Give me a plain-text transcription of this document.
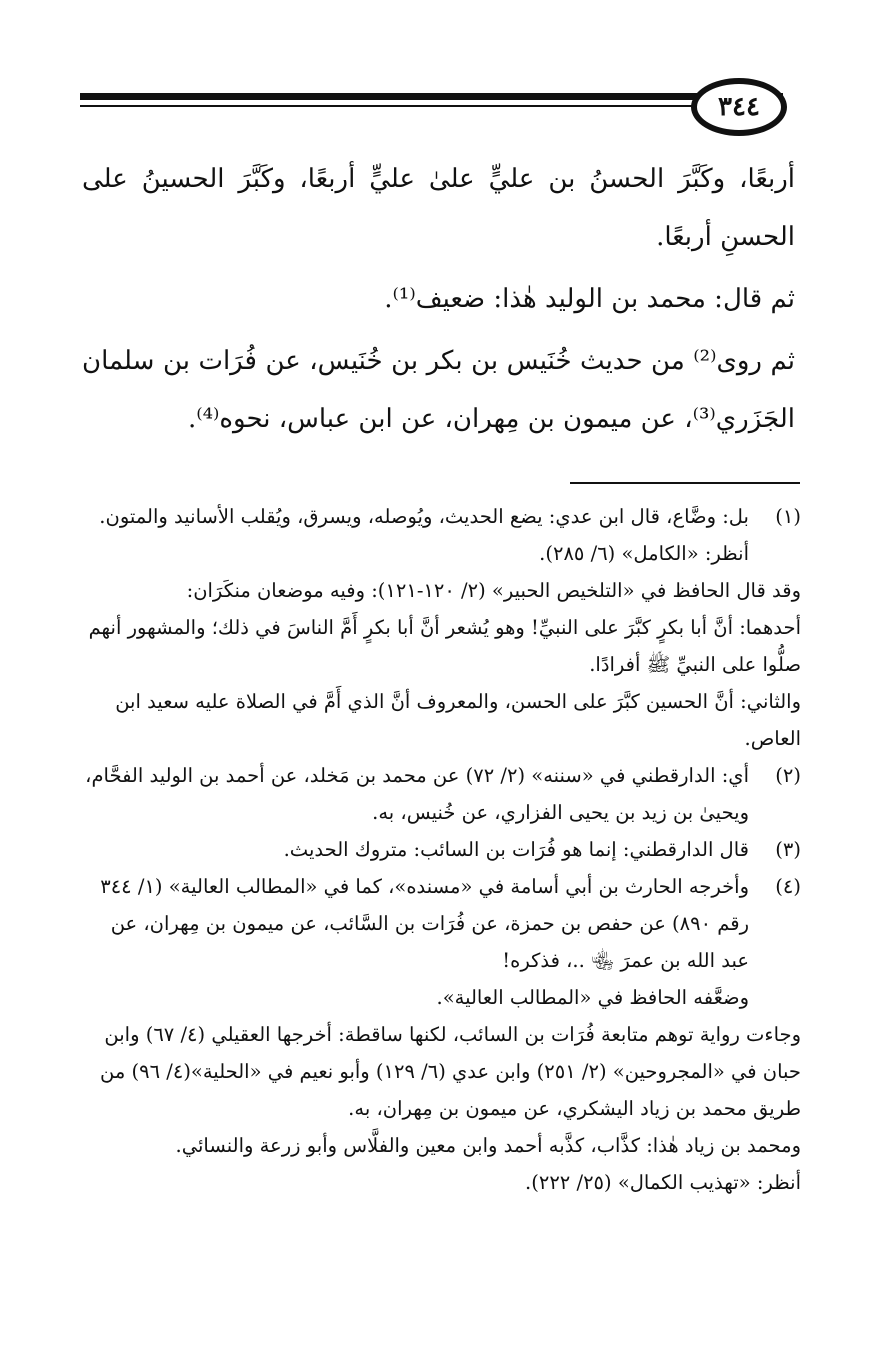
٣٤٤

أربعًا، وكَبَّرَ الحسنُ بن عليٍّ علىٰ عليٍّ أربعًا، وكَبَّرَ الحسينُ على الحسنِ أربعًا.

ثم قال: محمد بن الوليد هٰذا: ضعيف⁽¹⁾.

ثم روى⁽²⁾ من حديث خُنَيس بن بكر بن خُنَيس، عن فُرَات بن سلمان الجَزَري⁽³⁾، عن ميمون بن مِهران، عن ابن عباس، نحوه⁽⁴⁾.

(١)

بل: وضَّاع، قال ابن عدي: يضع الحديث، ويُوصله، ويسرق، ويُقلب الأسانيد والمتون.

أنظر: «الكامل» (٦/ ٢٨٥).

وقد قال الحافظ في «التلخيص الحبير» (٢/ ١٢٠-١٢١): وفيه موضعان منكَرَان:

أحدهما: أنَّ أبا بكرٍ كبَّرَ على النبيِّ! وهو يُشعر أنَّ أبا بكرٍ أَمَّ الناسَ في ذلك؛ والمشهور أنهم صلُّوا على النبيِّ ﷺ أفرادًا.

والثاني: أنَّ الحسين كبَّرَ على الحسن، والمعروف أنَّ الذي أَمَّ في الصلاة عليه سعيد ابن العاص.

(٢)

أي: الدارقطني في «سننه» (٢/ ٧٢) عن محمد بن مَخلد، عن أحمد بن الوليد الفحَّام، ويحيىٰ بن زيد بن يحيى الفزاري، عن خُنيس، به.

(٣)

قال الدارقطني: إنما هو فُرَات بن السائب: متروك الحديث.

(٤)

وأخرجه الحارث بن أبي أسامة في «مسنده»، كما في «المطالب العالية» (١/ ٣٤٤ رقم ٨٩٠) عن حفص بن حمزة، عن فُرَات بن السَّائب، عن ميمون بن مِهران، عن عبد الله بن عمرَ ﵄ ..، فذكره!

وضعَّفه الحافظ في «المطالب العالية».

وجاءت رواية توهم متابعة فُرَات بن السائب، لكنها ساقطة: أخرجها العقيلي (٤/ ٦٧) وابن حبان في «المجروحين» (٢/ ٢٥١) وابن عدي (٦/ ١٢٩) وأبو نعيم في «الحلية»(٤/ ٩٦) من طريق محمد بن زياد اليشكري، عن ميمون بن مِهران، به.

ومحمد بن زياد هٰذا: كذَّاب، كذَّبه أحمد وابن معين والفلَّاس وأبو زرعة والنسائي.

أنظر: «تهذيب الكمال» (٢٥/ ٢٢٢).
